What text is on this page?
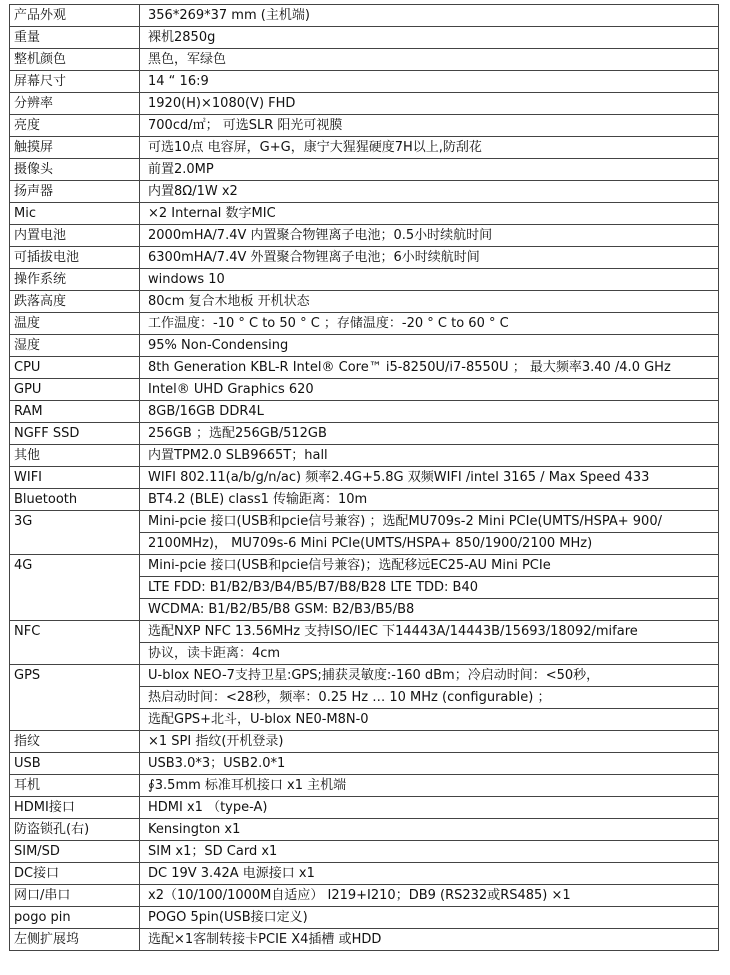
产品外观	356*269*37 mm (主机端)

重量	裸机2850g

整机颜色	黑色，军绿色

屏幕尺寸	14 “ 16:9

分辨率	1920(H)×1080(V) FHD

亮度	700cd/㎡； 可选SLR 阳光可视膜

触摸屏	可选10点 电容屏，G+G，康宁大猩猩硬度7H以上,防刮花

摄像头	前置2.0MP

扬声器	内置8Ω/1W x2

Mic	×2 Internal 数字MIC

内置电池	2000mHA/7.4V 内置聚合物锂离子电池；0.5小时续航时间

可插拔电池	6300mHA/7.4V 外置聚合物锂离子电池；6小时续航时间

操作系统	windows 10

跌落高度	80cm 复合木地板 开机状态

温度	工作温度：-10 ° C to 50 ° C ；存储温度：-20 ° C to 60 ° C

湿度	95% Non-Condensing

CPU	8th Generation KBL-R Intel® Core™ i5-8250U/i7-8550U ； 最大频率3.40 /4.0 GHz

GPU	Intel® UHD Graphics 620

RAM	8GB/16GB DDR4L

NGFF SSD	256GB ；选配256GB/512GB

其他	内置TPM2.0 SLB9665T；hall

WIFI	WIFI 802.11(a/b/g/n/ac) 频率2.4G+5.8G 双频WIFI /intel 3165 / Max Speed 433

Bluetooth	BT4.2 (BLE) class1 传输距离：10m

3G	Mini-pcie 接口(USB和pcie信号兼容) ；选配MU709s-2 Mini PCIe(UMTS/HSPA+ 900/
2100MHz)， MU709s-6 Mini PCIe(UMTS/HSPA+ 850/1900/2100 MHz)

4G	Mini-pcie 接口(USB和pcie信号兼容)；选配移远EC25-AU Mini PCIe
LTE FDD: B1/B2/B3/B4/B5/B7/B8/B28 LTE TDD: B40
WCDMA: B1/B2/B5/B8 GSM: B2/B3/B5/B8

NFC	选配NXP NFC 13.56MHz 支持ISO/IEC 下14443A/14443B/15693/18092/mifare
协议，读卡距离：4cm

GPS	U-blox NEO-7支持卫星:GPS;捕获灵敏度:-160 dBm；冷启动时间：<50秒，
热启动时间：<28秒，频率：0.25 Hz … 10 MHz (configurable) ；
选配GPS+北斗，U-blox NE0-M8N-0

指纹	×1 SPI 指纹(开机登录)

USB	USB3.0*3；USB2.0*1

耳机	∮3.5mm 标准耳机接口 x1 主机端

HDMI接口	HDMI x1 （type-A)

防盗锁孔(右)	Kensington x1

SIM/SD	SIM x1；SD Card x1

DC接口	DC 19V 3.42A 电源接口 x1

网口/串口	x2（10/100/1000M自适应） I219+I210；DB9 (RS232或RS485) ×1

pogo pin	POGO 5pin(USB接口定义)

左侧扩展坞	选配×1客制转接卡PCIE X4插槽 或HDD
